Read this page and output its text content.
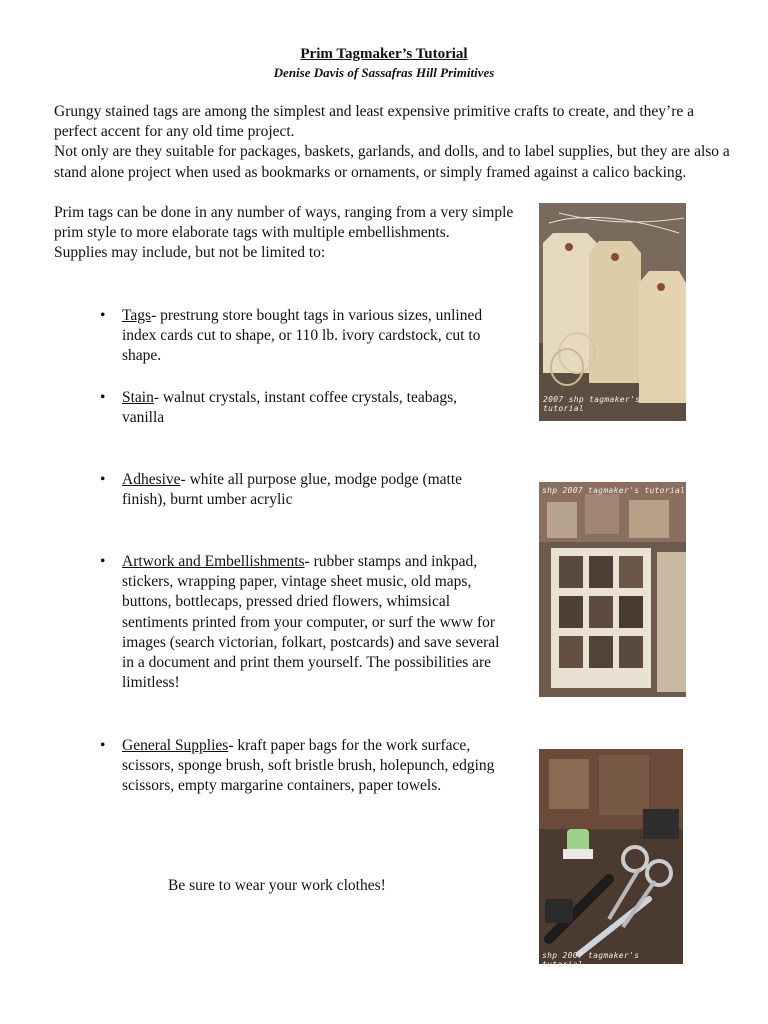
Prim Tagmaker’s Tutorial
Denise Davis of Sassafras Hill Primitives
Grungy stained tags are among the simplest and least expensive primitive crafts to create, and they’re a perfect accent for any old time project.
Not only are they suitable for packages, baskets, garlands, and dolls, and to label supplies, but they are also a stand alone project when used as bookmarks or ornaments, or simply framed against a calico backing.
Prim tags can be done in any number of ways, ranging from a very simple prim style to more elaborate tags with multiple embellishments.
Supplies may include, but not be limited to:
•	Tags- prestrung store bought tags in various sizes, unlined index cards cut to shape, or 110 lb. ivory cardstock, cut to shape.
•	Stain- walnut crystals, instant coffee crystals, teabags, vanilla
•	Adhesive- white all purpose glue, modge podge (matte finish), burnt umber acrylic
•	Artwork and Embellishments- rubber stamps and inkpad, stickers, wrapping paper, vintage sheet music, old maps, buttons, bottlecaps, pressed dried flowers, whimsical sentiments printed from your computer, or surf the www for images (search victorian, folkart, postcards) and save several in a document and print them yourself. The possibilities are limitless!
•	General Supplies- kraft paper bags for the work surface, scissors, sponge brush, soft bristle brush, holepunch, edging scissors, empty margarine containers, paper towels.
Be sure to wear your work clothes!
2007 shp tagmaker's tutorial
shp 2007 tagmaker's tutorial
shp 2007 tagmaker's tutorial
